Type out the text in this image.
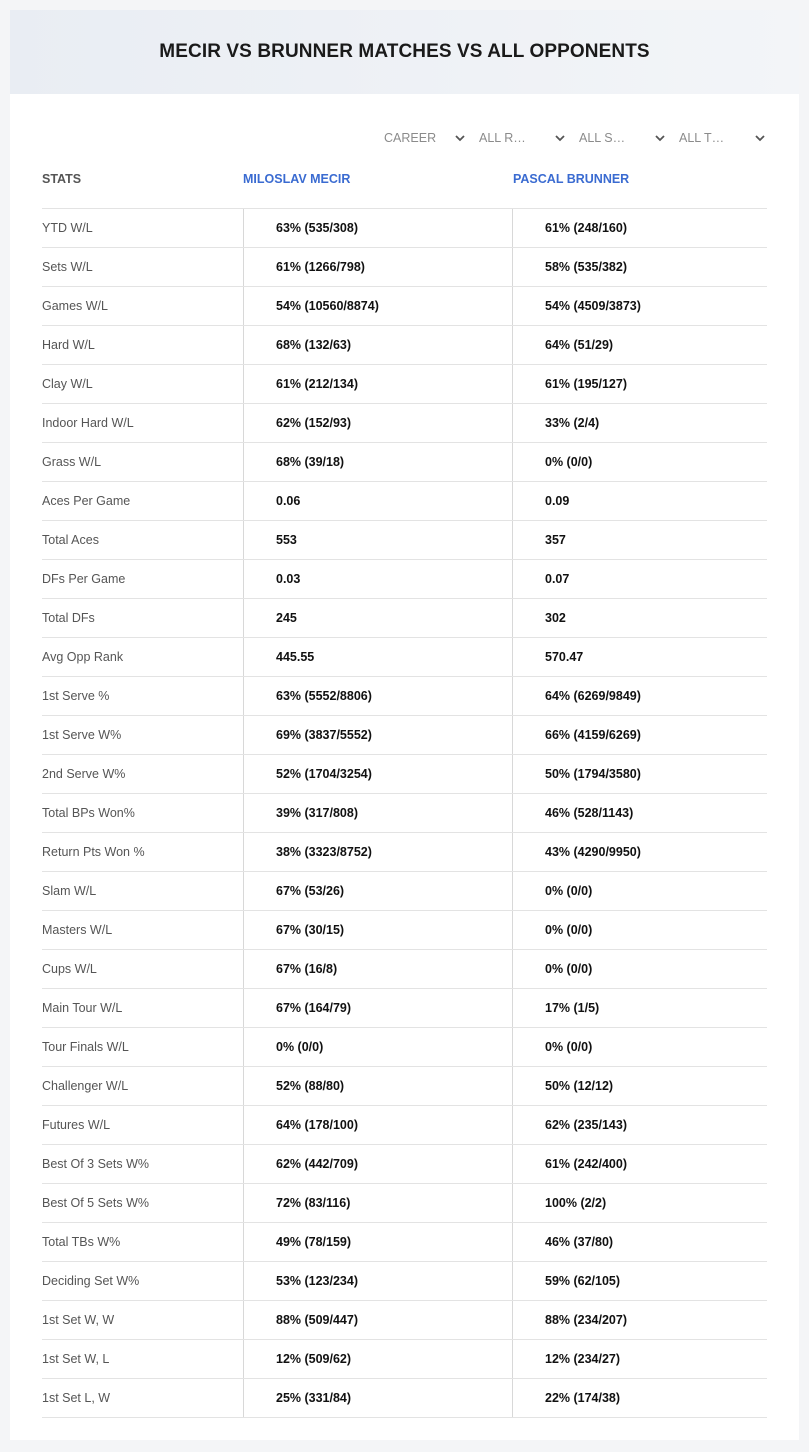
MECIR VS BRUNNER MATCHES VS ALL OPPONENTS
CAREER	ALL R…	ALL S…	ALL T…
STATS	MILOSLAV MECIR	PASCAL BRUNNER
YTD W/L	63% (535/308)	61% (248/160)
Sets W/L	61% (1266/798)	58% (535/382)
Games W/L	54% (10560/8874)	54% (4509/3873)
Hard W/L	68% (132/63)	64% (51/29)
Clay W/L	61% (212/134)	61% (195/127)
Indoor Hard W/L	62% (152/93)	33% (2/4)
Grass W/L	68% (39/18)	0% (0/0)
Aces Per Game	0.06	0.09
Total Aces	553	357
DFs Per Game	0.03	0.07
Total DFs	245	302
Avg Opp Rank	445.55	570.47
1st Serve %	63% (5552/8806)	64% (6269/9849)
1st Serve W%	69% (3837/5552)	66% (4159/6269)
2nd Serve W%	52% (1704/3254)	50% (1794/3580)
Total BPs Won%	39% (317/808)	46% (528/1143)
Return Pts Won %	38% (3323/8752)	43% (4290/9950)
Slam W/L	67% (53/26)	0% (0/0)
Masters W/L	67% (30/15)	0% (0/0)
Cups W/L	67% (16/8)	0% (0/0)
Main Tour W/L	67% (164/79)	17% (1/5)
Tour Finals W/L	0% (0/0)	0% (0/0)
Challenger W/L	52% (88/80)	50% (12/12)
Futures W/L	64% (178/100)	62% (235/143)
Best Of 3 Sets W%	62% (442/709)	61% (242/400)
Best Of 5 Sets W%	72% (83/116)	100% (2/2)
Total TBs W%	49% (78/159)	46% (37/80)
Deciding Set W%	53% (123/234)	59% (62/105)
1st Set W, W	88% (509/447)	88% (234/207)
1st Set W, L	12% (509/62)	12% (234/27)
1st Set L, W	25% (331/84)	22% (174/38)
